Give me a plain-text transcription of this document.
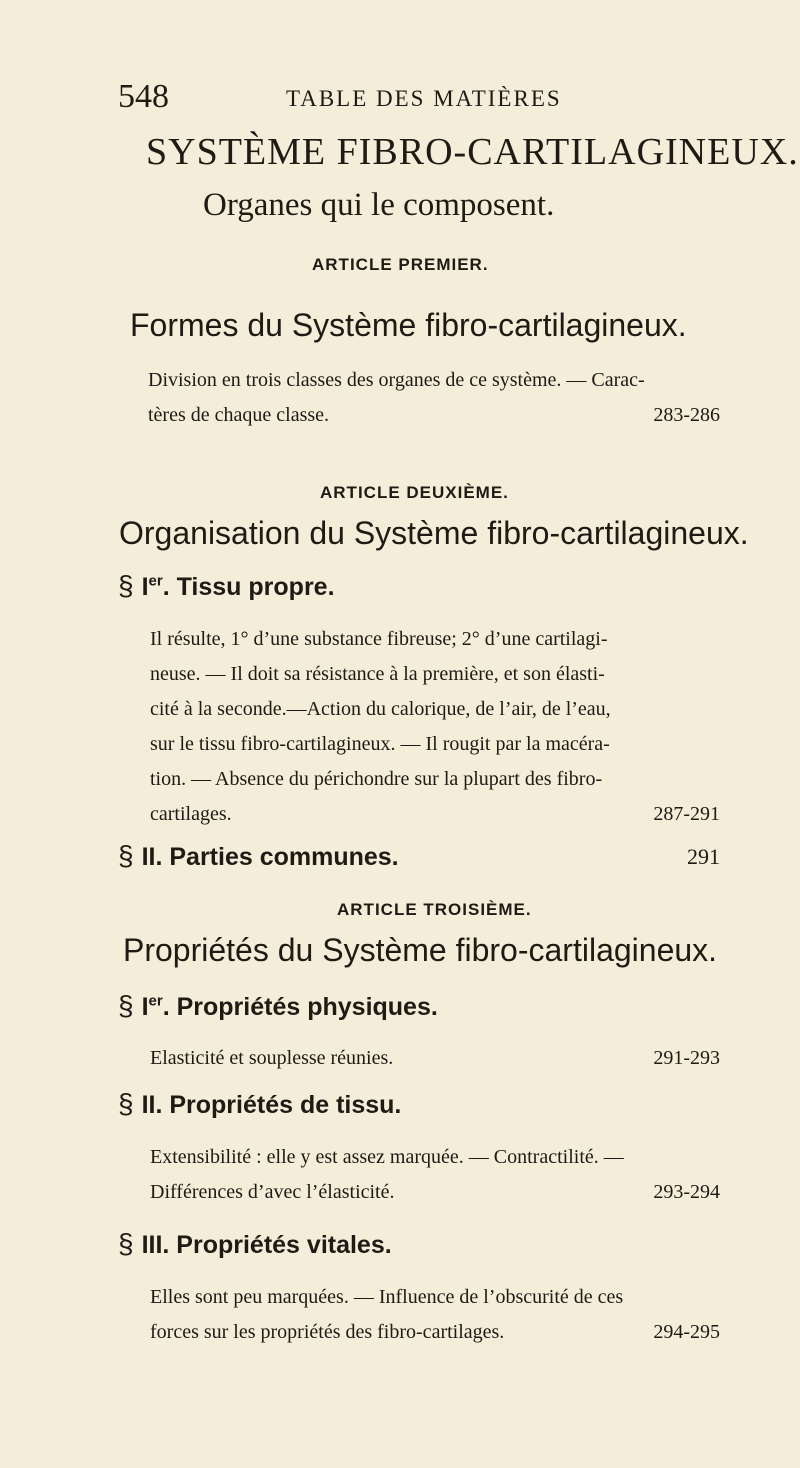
548	TABLE DES MATIÈRES
SYSTÈME FIBRO-CARTILAGINEUX.
Organes qui le composent.
ARTICLE PREMIER.
Formes du Système fibro-cartilagineux.
Division en trois classes des organes de ce système. — Carac-
tères de chaque classe.	283-286
ARTICLE DEUXIÈME.
Organisation du Système fibro-cartilagineux.
§ Ier. Tissu propre.
Il résulte, 1° d’une substance fibreuse; 2° d’une cartilagi-
neuse. — Il doit sa résistance à la première, et son élasti-
cité à la seconde.—Action du calorique, de l’air, de l’eau,
sur le tissu fibro-cartilagineux. — Il rougit par la macéra-
tion. — Absence du périchondre sur la plupart des fibro-
cartilages.	287-291
§ II. Parties communes.	291
ARTICLE TROISIÈME.
Propriétés du Système fibro-cartilagineux.
§ Ier. Propriétés physiques.
Elasticité et souplesse réunies.	291-293
§ II. Propriétés de tissu.
Extensibilité : elle y est assez marquée. — Contractilité. —
Différences d’avec l’élasticité.	293-294
§ III. Propriétés vitales.
Elles sont peu marquées. — Influence de l’obscurité de ces
forces sur les propriétés des fibro-cartilages.	294-295
